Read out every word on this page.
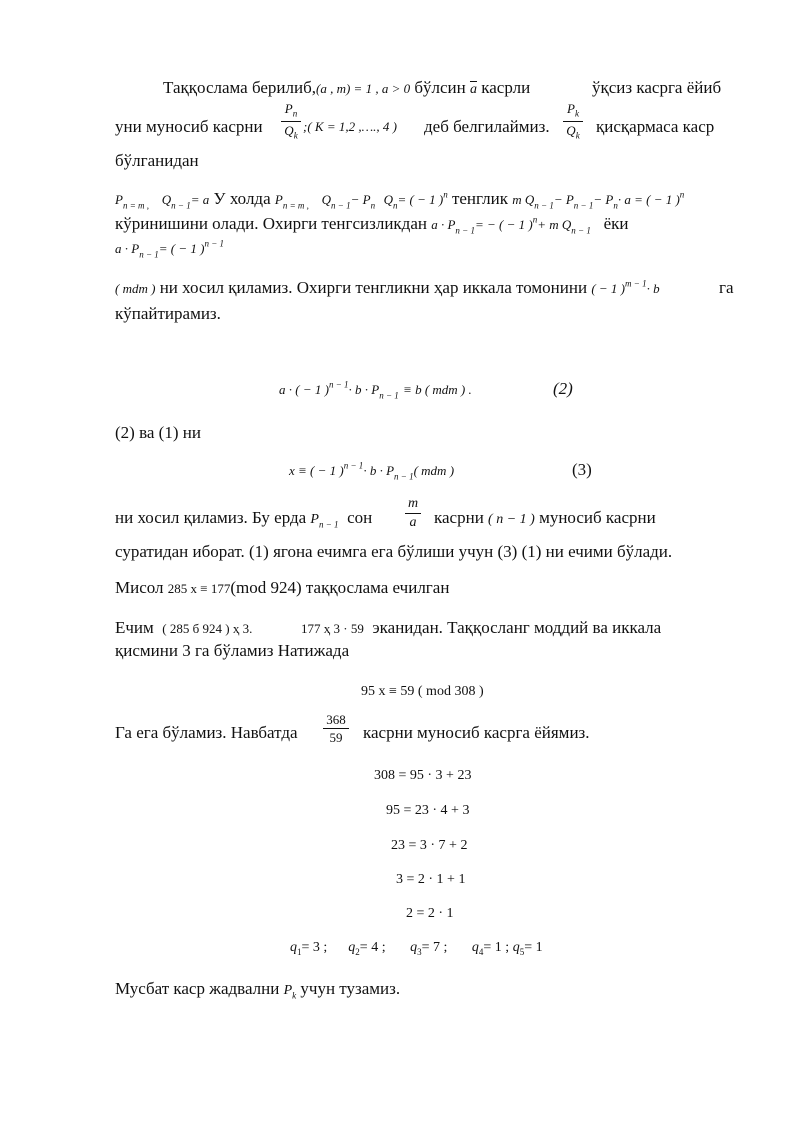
Таққослама берилиб,(a , m) = 1 , a > 0 бўлсин $\overline{a}$ касрли	ўқсиз касрга ёйиб
уни муносиб касрни
$P_n$
$Q_k$
;( K = 1,2 ,…., 4 ) деб белгилаймиз.
$P_k$
$Q_k$ қисқармаса каср
бўлганидан
$P_{n = m ,}$ $Q_{n - 1}= a$ У холда $P_{n = m ,}$ $Q_{n - 1}- P_n$ $Q_n=$ ( − 1 )$^n$ тенглик m $Q_{n - 1}- P_{n - 1}- P_n\cdot a$ = ( − 1 )$^n$
кўринишини олади. Охирги тенгсизликдан $a \cdot P_{n - 1}=$ − ( − 1 )$^n$+ m $Q_{n - 1}$ ёки
$a \cdot P_{n - 1}=$ ( − 1 )$^{n - 1}$
( mdm ) ни хосил қиламиз. Охирги тенгликни ҳар иккала томонини ( − 1 )$^{m - 1}$· b	га
кўпайтирамиз.
a · ( − 1 )$^{n - 1}\cdot b \cdot P_{n - 1} \equiv b$ ( mdm ) .	(2)
(2) ва (1) ни
x ≡ ( − 1 )$^{n - 1}\cdot b \cdot P_{n - 1}$( mdm )	(3)
ни хосил қиламиз. Бу ерда $P_{n - 1}$ сон
m
a касрни ( n − 1 ) муносиб касрни
суратидан иборат. (1) ягона ечимга ега бўлиши учун (3) (1) ни ечими бўлади.
Мисол 285 x ≡ 177(mod 924) таққослама ечилган
Ечим ( 285 б 924 ) ҳ 3.	177 ҳ 3 · 59 эканидан. Таққосланг моддий ва иккала
қисмини 3 га бўламиз Натижада
95 x ≡ 59 ( mod 308 )
Га ега бўламиз. Навбатда
368
59	касрни муносиб касрга ёйямиз.
308 = 95 · 3 + 23
95 = 23 · 4 + 3
23 = 3 · 7 + 2
3 = 2 · 1 + 1
2 = 2 · 1
$q_1= 3$ ; $q_2= 4$ ; $q_3= 7$ ; $q_4= 1$ ; $q_5= 1$
Мусбат каср жадвални $P_k$ учун тузамиз.
